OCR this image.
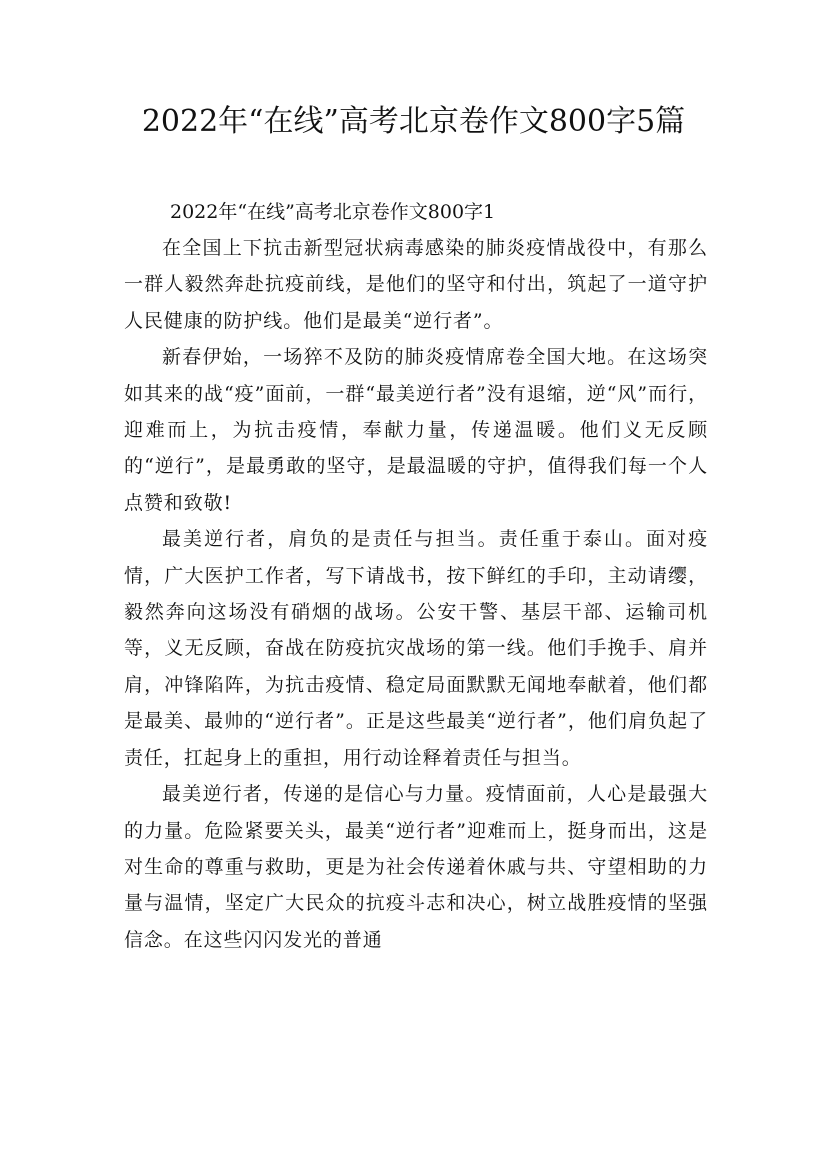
2022年“在线”高考北京卷作文800字5篇

2022年“在线”高考北京卷作文800字1

在全国上下抗击新型冠状病毒感染的肺炎疫情战役中，有那么一群人毅然奔赴抗疫前线，是他们的坚守和付出，筑起了一道守护人民健康的防护线。他们是最美“逆行者”。

新春伊始，一场猝不及防的肺炎疫情席卷全国大地。在这场突如其来的战“疫”面前，一群“最美逆行者”没有退缩，逆“风”而行，迎难而上，为抗击疫情，奉献力量，传递温暖。他们义无反顾的“逆行”，是最勇敢的坚守，是最温暖的守护，值得我们每一个人点赞和致敬!

最美逆行者，肩负的是责任与担当。责任重于泰山。面对疫情，广大医护工作者，写下请战书，按下鲜红的手印，主动请缨，毅然奔向这场没有硝烟的战场。公安干警、基层干部、运输司机等，义无反顾，奋战在防疫抗灾战场的第一线。他们手挽手、肩并肩，冲锋陷阵，为抗击疫情、稳定局面默默无闻地奉献着，他们都是最美、最帅的“逆行者”。正是这些最美“逆行者”，他们肩负起了责任，扛起身上的重担，用行动诠释着责任与担当。

最美逆行者，传递的是信心与力量。疫情面前，人心是最强大的力量。危险紧要关头，最美“逆行者”迎难而上，挺身而出，这是对生命的尊重与救助，更是为社会传递着休戚与共、守望相助的力量与温情，坚定广大民众的抗疫斗志和决心，树立战胜疫情的坚强信念。在这些闪闪发光的普通
